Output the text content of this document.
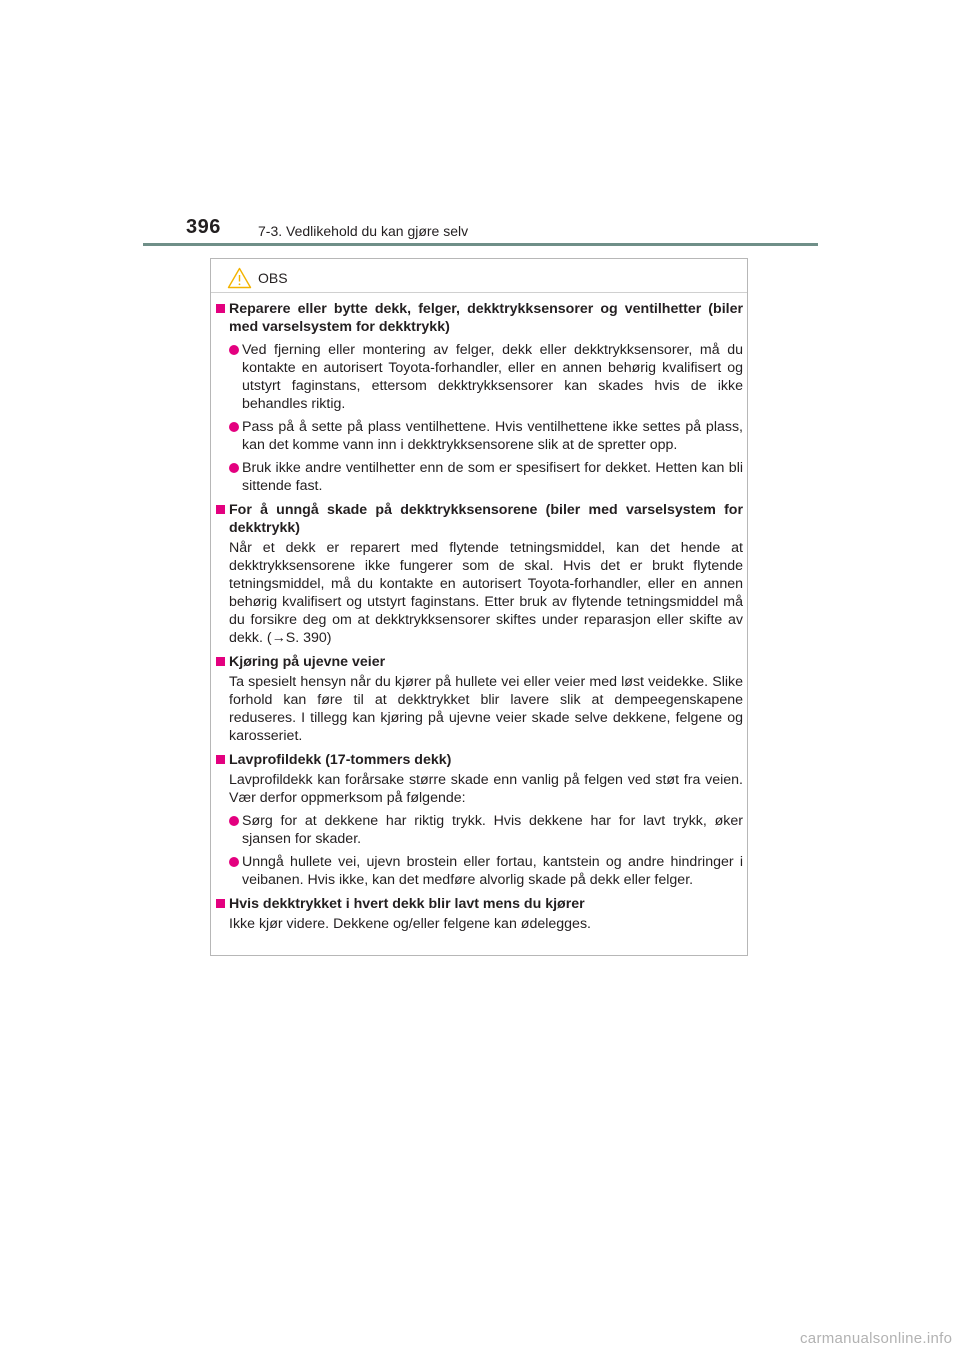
396	7-3. Vedlikehold du kan gjøre selv
OBS
Reparere eller bytte dekk, felger, dekktrykksensorer og ventilhetter (biler med varselsystem for dekktrykk)
Ved fjerning eller montering av felger, dekk eller dekktrykksensorer, må du kontakte en autorisert Toyota-forhandler, eller en annen behørig kvalifisert og utstyrt faginstans, ettersom dekktrykksensorer kan skades hvis de ikke behandles riktig.
Pass på å sette på plass ventilhettene. Hvis ventilhettene ikke settes på plass, kan det komme vann inn i dekktrykksensorene slik at de spretter opp.
Bruk ikke andre ventilhetter enn de som er spesifisert for dekket. Hetten kan bli sittende fast.
For å unngå skade på dekktrykksensorene (biler med varselsystem for dekktrykk)
Når et dekk er reparert med flytende tetningsmiddel, kan det hende at dekktrykksensorene ikke fungerer som de skal. Hvis det er brukt flytende tetningsmiddel, må du kontakte en autorisert Toyota-forhandler, eller en annen behørig kvalifisert og utstyrt faginstans. Etter bruk av flytende tetningsmiddel må du forsikre deg om at dekktrykksensorer skiftes under reparasjon eller skifte av dekk. (→S. 390)
Kjøring på ujevne veier
Ta spesielt hensyn når du kjører på hullete vei eller veier med løst veidekke. Slike forhold kan føre til at dekktrykket blir lavere slik at dempeegenskapene reduseres. I tillegg kan kjøring på ujevne veier skade selve dekkene, felgene og karosseriet.
Lavprofildekk (17-tommers dekk)
Lavprofildekk kan forårsake større skade enn vanlig på felgen ved støt fra veien. Vær derfor oppmerksom på følgende:
Sørg for at dekkene har riktig trykk. Hvis dekkene har for lavt trykk, øker sjansen for skader.
Unngå hullete vei, ujevn brostein eller fortau, kantstein og andre hindringer i veibanen. Hvis ikke, kan det medføre alvorlig skade på dekk eller felger.
Hvis dekktrykket i hvert dekk blir lavt mens du kjører
Ikke kjør videre. Dekkene og/eller felgene kan ødelegges.
carmanualsonline.info
